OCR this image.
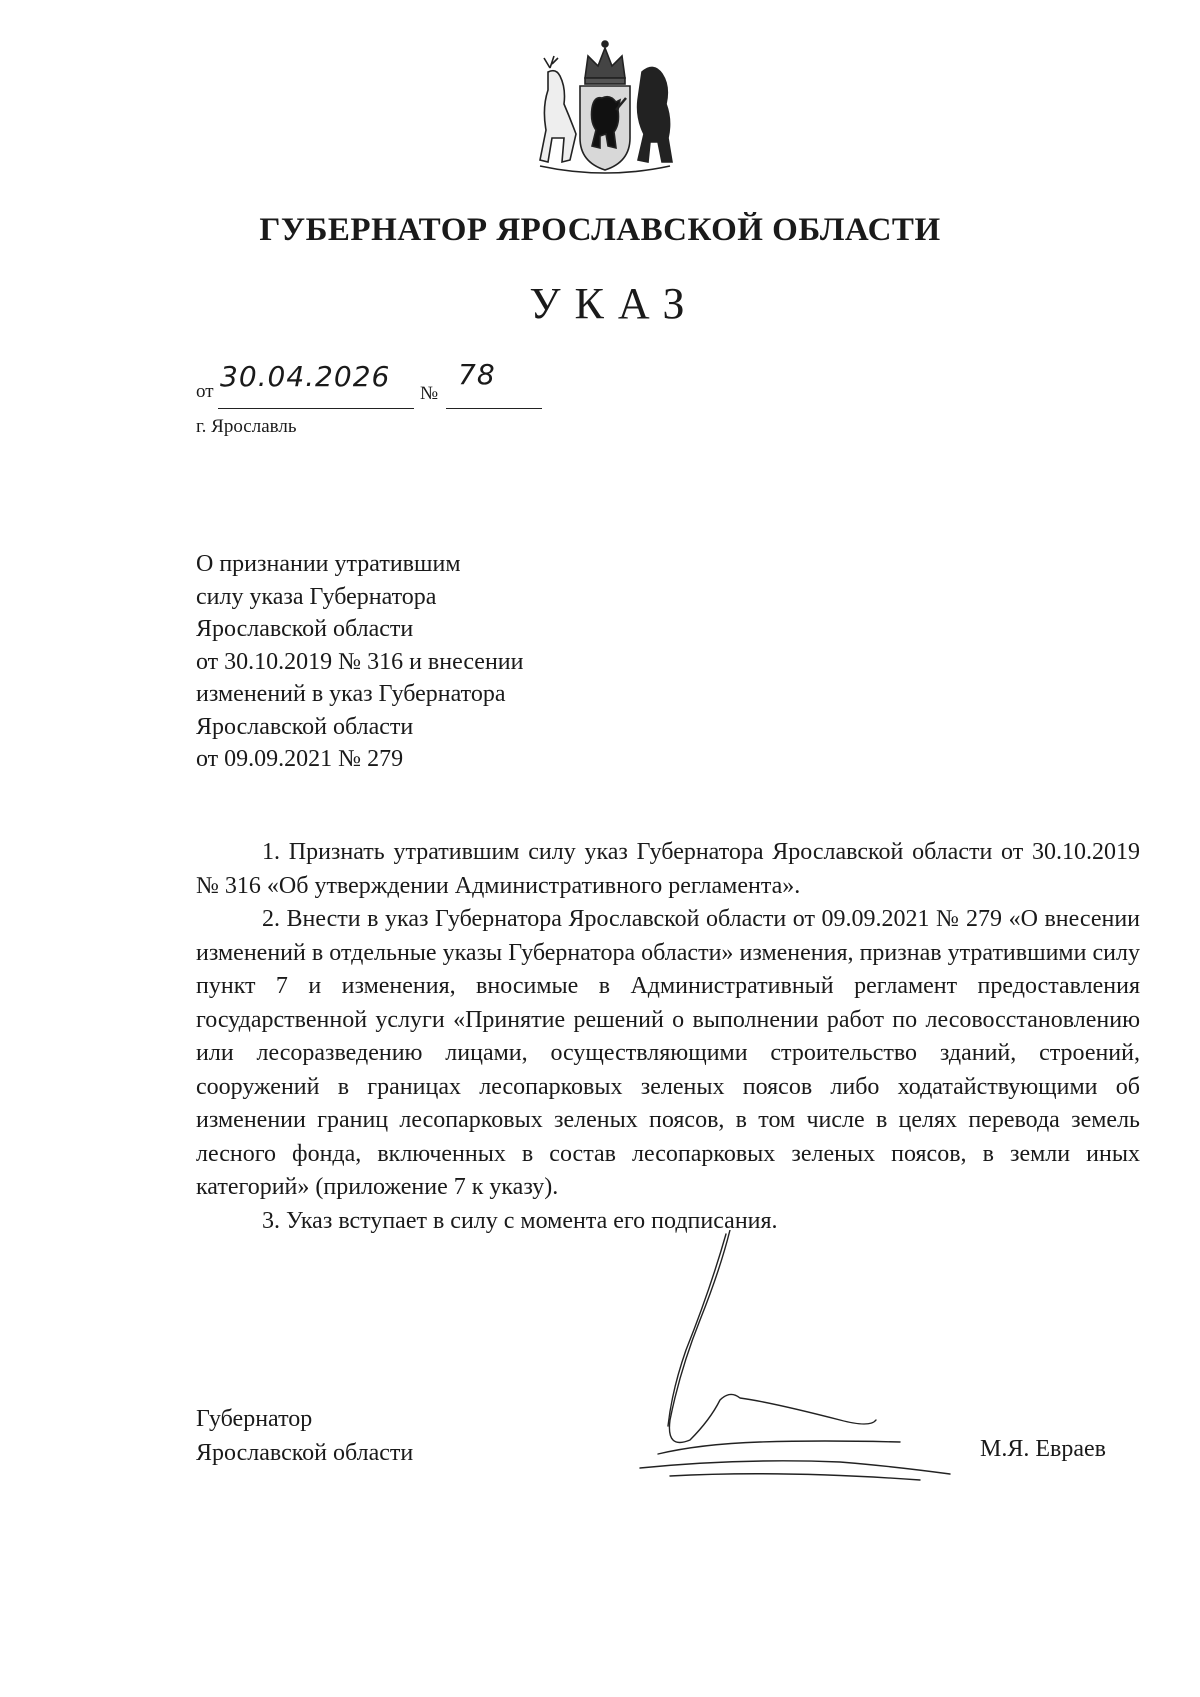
ГУБЕРНАТОР ЯРОСЛАВСКОЙ ОБЛАСТИ
УКАЗ
от 30.04.2026
№
78
г. Ярославль
О признании утратившим
силу указа Губернатора
Ярославской области
от 30.10.2019 № 316 и внесении
изменений в указ Губернатора
Ярославской области
от 09.09.2021 № 279
1. Признать утратившим силу указ Губернатора Ярославской области от 30.10.2019 № 316 «Об утверждении Административного регламента».
2. Внести в указ Губернатора Ярославской области от 09.09.2021 № 279 «О внесении изменений в отдельные указы Губернатора области» изменения, признав утратившими силу пункт 7 и изменения, вносимые в Административный регламент предоставления государственной услуги «Принятие решений о выполнении работ по лесовосстановлению или лесоразведению лицами, осуществляющими строительство зданий, строений, сооружений в границах лесопарковых зеленых поясов либо ходатайствующими об изменении границ лесопарковых зеленых поясов, в том числе в целях перевода земель лесного фонда, включенных в состав лесопарковых зеленых поясов, в земли иных категорий» (приложение 7 к указу).
3. Указ вступает в силу с момента его подписания.
Губернатор
Ярославской области	М.Я. Евраев
